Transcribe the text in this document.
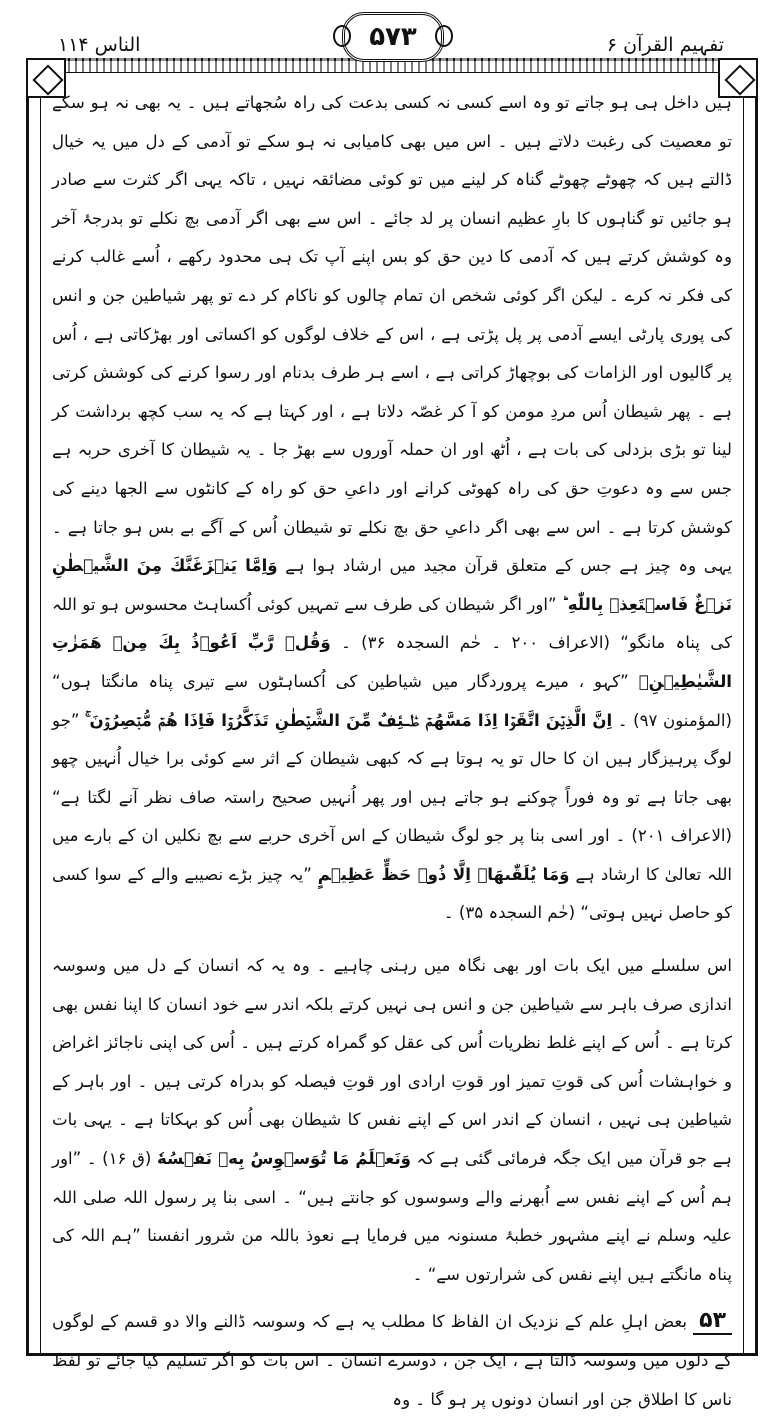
الناس ۱۱۴	۵۷۳	تفہیم القرآن ۶

ہیں داخل ہی ہو جاتے تو وہ اسے کسی نہ کسی بدعت کی راہ سُجھاتے ہیں ۔ یہ بھی نہ ہو سکے تو معصیت کی رغبت دلاتے ہیں ۔ اس میں بھی کامیابی نہ ہو سکے تو آدمی کے دل میں یہ خیال ڈالتے ہیں کہ چھوٹے چھوٹے گناہ کر لینے میں تو کوئی مضائقہ نہیں ، تاکہ یہی اگر کثرت سے صادر ہو جائیں تو گناہوں کا بارِ عظیم انسان پر لد جائے ۔ اس سے بھی اگر آدمی بچ نکلے تو بدرجۂ آخر وہ کوشش کرتے ہیں کہ آدمی کا دین حق کو بس اپنے آپ تک ہی محدود رکھے ، اُسے غالب کرنے کی فکر نہ کرے ۔ لیکن اگر کوئی شخص ان تمام چالوں کو ناکام کر دے تو پھر شیاطین جن و انس کی پوری پارٹی ایسے آدمی پر پل پڑتی ہے ، اس کے خلاف لوگوں کو اکساتی اور بھڑکاتی ہے ، اُس پر گالیوں اور الزامات کی بوچھاڑ کراتی ہے ، اسے ہر طرف بدنام اور رسوا کرنے کی کوشش کرتی ہے ۔ پھر شیطان اُس مردِ مومن کو آ کر غصّہ دلاتا ہے ، اور کہتا ہے کہ یہ سب کچھ برداشت کر لینا تو بڑی بزدلی کی بات ہے ، اُٹھ اور ان حملہ آوروں سے بھڑ جا ۔ یہ شیطان کا آخری حربہ ہے جس سے وہ دعوتِ حق کی راہ کھوٹی کرانے اور داعیِ حق کو راہ کے کانٹوں سے الجھا دینے کی کوشش کرتا ہے ۔ اس سے بھی اگر داعیِ حق بچ نکلے تو شیطان اُس کے آگے بے بس ہو جاتا ہے ۔ یہی وہ چیز ہے جس کے متعلق قرآن مجید میں ارشاد ہوا ہے وَاِمَّا يَنۡزَغَنَّكَ مِنَ الشَّيۡطٰنِ نَزۡغٌ فَاسۡتَعِذۡ بِاللّٰهِ ؕ ”اور اگر شیطان کی طرف سے تمہیں کوئی اُکساہٹ محسوس ہو تو اللہ کی پناہ مانگو“ (الاعراف ۲۰۰ ۔ حٰم السجدہ ۳۶) ۔ وَقُلۡ رَّبِّ اَعُوۡذُ بِكَ مِنۡ هَمَزٰتِ الشَّيٰطِيۡنِۙ ”کہو ، میرے پروردگار میں شیاطین کی اُکساہٹوں سے تیری پناہ مانگتا ہوں“ (المؤمنون ۹۷) ۔ اِنَّ الَّذِيۡنَ اتَّقَوۡا اِذَا مَسَّهُمۡ طٰۤـئِفٌ مِّنَ الشَّيۡطٰنِ تَذَكَّرُوۡا فَاِذَا هُمۡ مُّبۡصِرُوۡنَ ۚ ”جو لوگ پرہیزگار ہیں ان کا حال تو یہ ہوتا ہے کہ کبھی شیطان کے اثر سے کوئی برا خیال اُنہیں چھو بھی جاتا ہے تو وہ فوراً چوکنے ہو جاتے ہیں اور پھر اُنہیں صحیح راستہ صاف نظر آنے لگتا ہے“ (الاعراف ۲۰۱) ۔ اور اسی بنا پر جو لوگ شیطان کے اس آخری حربے سے بچ نکلیں ان کے بارے میں اللہ تعالیٰ کا ارشاد ہے وَمَا يُلَقّٰٮهَاۤ اِلَّا ذُوۡ حَظٍّ عَظِيۡمٍ ”یہ چیز بڑے نصیبے والے کے سوا کسی کو حاصل نہیں ہوتی“ (حٰم السجدہ ۳۵) ۔

اس سلسلے میں ایک بات اور بھی نگاہ میں رہنی چاہیے ۔ وہ یہ کہ انسان کے دل میں وسوسہ اندازی صرف باہر سے شیاطین جن و انس ہی نہیں کرتے بلکہ اندر سے خود انسان کا اپنا نفس بھی کرتا ہے ۔ اُس کے اپنے غلط نظریات اُس کی عقل کو گمراہ کرتے ہیں ۔ اُس کی اپنی ناجائز اغراض و خواہشات اُس کی قوتِ تمیز اور قوتِ ارادی اور قوتِ فیصلہ کو بدراہ کرتی ہیں ۔ اور باہر کے شیاطین ہی نہیں ، انسان کے اندر اس کے اپنے نفس کا شیطان بھی اُس کو بہکاتا ہے ۔ یہی بات ہے جو قرآن میں ایک جگہ فرمائی گئی ہے کہ وَنَعۡلَمُ مَا تُوَسۡوِسُ بِهٖ نَفۡسُهٗ (ق ۱۶) ۔ ”اور ہم اُس کے اپنے نفس سے اُبھرنے والے وسوسوں کو جانتے ہیں“ ۔ اسی بنا پر رسول اللہ صلی اللہ علیہ وسلم نے اپنے مشہور خطبۂ مسنونہ میں فرمایا ہے نعوذ باللہ من شرور انفسنا ”ہم اللہ کی پناہ مانگتے ہیں اپنے نفس کی شرارتوں سے“ ۔

۵۳ بعض اہلِ علم کے نزدیک ان الفاظ کا مطلب یہ ہے کہ وسوسہ ڈالنے والا دو قسم کے لوگوں کے دلوں میں وسوسہ ڈالتا ہے ، ایک جن ، دوسرے انسان ۔ اس بات کو اگر تسلیم کیا جائے تو لفظ ناس کا اطلاق جن اور انسان دونوں پر ہو گا ۔ وہ
